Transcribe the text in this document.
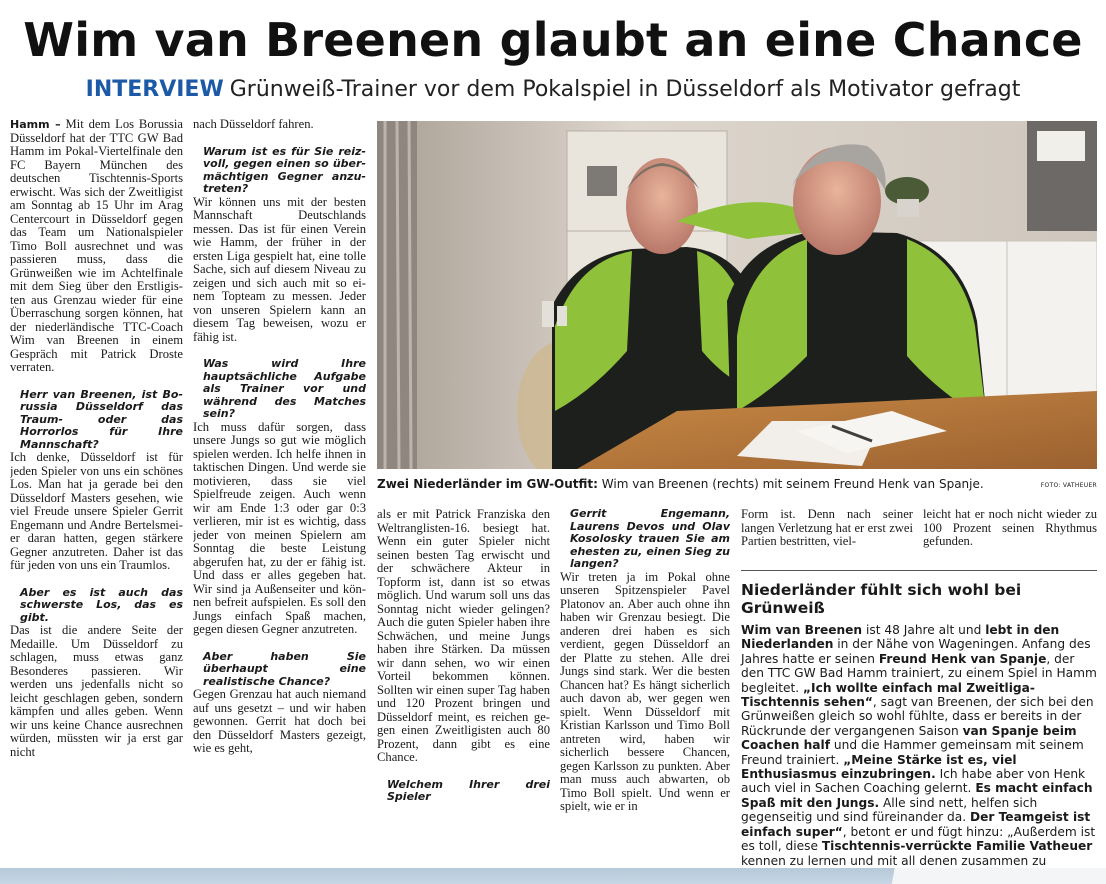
Wim van Breenen glaubt an eine Chance
INTERVIEW Grünweiß-Trainer vor dem Pokalspiel in Düsseldorf als Motivator gefragt

Hamm – Mit dem Los Borussia Düsseldorf hat der TTC GW Bad Hamm im Pokal-Viertelfinale den FC Bayern München des deutschen Tischtennis-Sports erwischt. Was sich der Zweitligist am Sonntag ab 15 Uhr im Arag Centercourt in Düsseldorf gegen das Team um Nationalspieler Timo Boll ausrechnet und was passieren muss, dass die Grünweißen wie im Achtelfinale mit dem Sieg über den Erstligisten aus Grenzau wieder für eine Überraschung sorgen können, hat der niederländische TTC-Coach Wim van Breenen in einem Gespräch mit Patrick Droste verraten.

Herr van Breenen, ist Borussia Düsseldorf das Traum- oder das Horrorlos für Ihre Mannschaft?

Ich denke, Düsseldorf ist für jeden Spieler von uns ein schönes Los. Man hat ja gerade bei den Düsseldorf Masters gesehen, wie viel Freude unsere Spieler Gerrit Engemann und Andre Bertelsmeier daran hatten, gegen stärkere Gegner anzutreten. Daher ist das für jeden von uns ein Traumlos.

Aber es ist auch das schwerste Los, das es gibt.

Das ist die andere Seite der Medaille. Um Düsseldorf zu schlagen, muss etwas ganz Besonderes passieren. Wir werden uns jedenfalls nicht so leicht geschlagen geben, sondern kämpfen und alles geben. Wenn wir uns keine Chance ausrechnen würden, müssten wir ja erst gar nicht

nach Düsseldorf fahren.

Warum ist es für Sie reizvoll, gegen einen so übermächtigen Gegner anzutreten?

Wir können uns mit der besten Mannschaft Deutschlands messen. Das ist für einen Verein wie Hamm, der früher in der ersten Liga gespielt hat, eine tolle Sache, sich auf diesem Niveau zu zeigen und sich auch mit so einem Topteam zu messen. Jeder von unseren Spielern kann an diesem Tag beweisen, wozu er fähig ist.

Was wird Ihre hauptsächliche Aufgabe als Trainer vor und während des Matches sein?

Ich muss dafür sorgen, dass unsere Jungs so gut wie möglich spielen werden. Ich helfe ihnen in taktischen Dingen. Und werde sie motivieren, dass sie viel Spielfreude zeigen. Auch wenn wir am Ende 1:3 oder gar 0:3 verlieren, mir ist es wichtig, dass jeder von meinen Spielern am Sonntag die beste Leistung abgerufen hat, zu der er fähig ist. Und dass er alles gegeben hat. Wir sind ja Außenseiter und können befreit aufspielen. Es soll den Jungs einfach Spaß machen, gegen diesen Gegner anzutreten.

Aber haben Sie überhaupt eine realistische Chance?

Gegen Grenzau hat auch niemand auf uns gesetzt – und wir haben gewonnen. Gerrit hat doch bei den Düsseldorf Masters gezeigt, wie es geht,

Zwei Niederländer im GW-Outfit: Wim van Breenen (rechts) mit seinem Freund Henk van Spanje.	FOTO: VATHEUER

als er mit Patrick Franziska den Weltranglisten-16. besiegt hat. Wenn ein guter Spieler nicht seinen besten Tag erwischt und der schwächere Akteur in Topform ist, dann ist so etwas möglich. Und warum soll uns das Sonntag nicht wieder gelingen? Auch die guten Spieler haben ihre Schwächen, und meine Jungs haben ihre Stärken. Da müssen wir dann sehen, wo wir einen Vorteil bekommen können. Sollten wir einen super Tag haben und 120 Prozent bringen und Düsseldorf meint, es reichen gegen einen Zweitligisten auch 80 Prozent, dann gibt es eine Chance.

Welchem Ihrer drei Spieler

Gerrit Engemann, Laurens Devos und Olav Kosolosky trauen Sie am ehesten zu, einen Sieg zu langen?

Wir treten ja im Pokal ohne unseren Spitzenspieler Pavel Platonov an. Aber auch ohne ihn haben wir Grenzau besiegt. Die anderen drei haben es sich verdient, gegen Düsseldorf an der Platte zu stehen. Alle drei Jungs sind stark. Wer die besten Chancen hat? Es hängt sicherlich auch davon ab, wer gegen wen spielt. Wenn Düsseldorf mit Kristian Karlsson und Timo Boll antreten wird, haben wir sicherlich bessere Chancen, gegen Karlsson zu punkten. Aber man muss auch abwarten, ob Timo Boll spielt. Und wenn er spielt, wie er in

Form ist. Denn nach seiner langen Verletzung hat er erst zwei Partien bestritten, viel-

leicht hat er noch nicht wieder zu 100 Prozent seinen Rhythmus gefunden.

Niederländer fühlt sich wohl bei Grünweiß

Wim van Breenen ist 48 Jahre alt und lebt in den Niederlanden in der Nähe von Wageningen. Anfang des Jahres hatte er seinen Freund Henk van Spanje, der den TTC GW Bad Hamm trainiert, zu einem Spiel in Hamm begleitet. „Ich wollte einfach mal Zweitliga-Tischtennis sehen“, sagt van Breenen, der sich bei den Grünweißen gleich so wohl fühlte, dass er bereits in der Rückrunde der vergangenen Saison van Spanje beim Coachen half und die Hammer gemeinsam mit seinem Freund trainiert. „Meine Stärke ist es, viel Enthusiasmus einzubringen. Ich habe aber von Henk auch viel in Sachen Coaching gelernt. Es macht einfach Spaß mit den Jungs. Alle sind nett, helfen sich gegenseitig und sind füreinander da. Der Teamgeist ist einfach super“, betont er und fügt hinzu: „Außerdem ist es toll, diese Tischtennis-verrückte Familie Vatheuer kennen zu lernen und mit all denen zusammen zu
